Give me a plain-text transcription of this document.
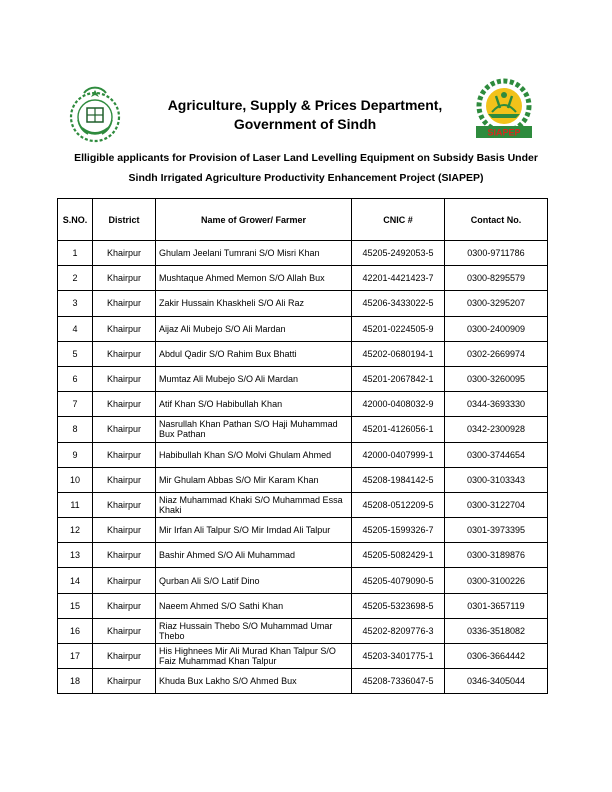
Agriculture, Supply & Prices Department,
Government of Sindh
SIAPEP
Elligible applicants for Provision of Laser Land Levelling Equipment on Subsidy Basis Under
Sindh Irrigated Agriculture Productivity Enhancement Project (SIAPEP)
S.NO.	District	Name of Grower/ Farmer	CNIC #	Contact No.
1	Khairpur	Ghulam Jeelani Tumrani S/O Misri Khan	45205-2492053-5	0300-9711786
2	Khairpur	Mushtaque Ahmed Memon S/O Allah Bux	42201-4421423-7	0300-8295579
3	Khairpur	Zakir Hussain Khaskheli S/O Ali Raz	45206-3433022-5	0300-3295207
4	Khairpur	Aijaz Ali Mubejo S/O Ali Mardan	45201-0224505-9	0300-2400909
5	Khairpur	Abdul Qadir S/O Rahim Bux Bhatti	45202-0680194-1	0302-2669974
6	Khairpur	Mumtaz Ali Mubejo S/O Ali Mardan	45201-2067842-1	0300-3260095
7	Khairpur	Atif Khan S/O Habibullah Khan	42000-0408032-9	0344-3693330
8	Khairpur	Nasrullah Khan Pathan S/O Haji Muhammad Bux Pathan	45201-4126056-1	0342-2300928
9	Khairpur	Habibullah Khan S/O Molvi Ghulam Ahmed	42000-0407999-1	0300-3744654
10	Khairpur	Mir Ghulam Abbas S/O Mir Karam Khan	45208-1984142-5	0300-3103343
11	Khairpur	Niaz Muhammad Khaki S/O Muhammad Essa Khaki	45208-0512209-5	0300-3122704
12	Khairpur	Mir Irfan Ali Talpur S/O Mir Imdad Ali Talpur	45205-1599326-7	0301-3973395
13	Khairpur	Bashir Ahmed S/O Ali Muhammad	45205-5082429-1	0300-3189876
14	Khairpur	Qurban Ali S/O Latif Dino	45205-4079090-5	0300-3100226
15	Khairpur	Naeem Ahmed S/O Sathi Khan	45205-5323698-5	0301-3657119
16	Khairpur	Riaz Hussain Thebo S/O Muhammad Umar Thebo	45202-8209776-3	0336-3518082
17	Khairpur	His Highnees Mir Ali Murad Khan Talpur S/O Faiz Muhammad Khan Talpur	45203-3401775-1	0306-3664442
18	Khairpur	Khuda Bux Lakho S/O Ahmed Bux	45208-7336047-5	0346-3405044
